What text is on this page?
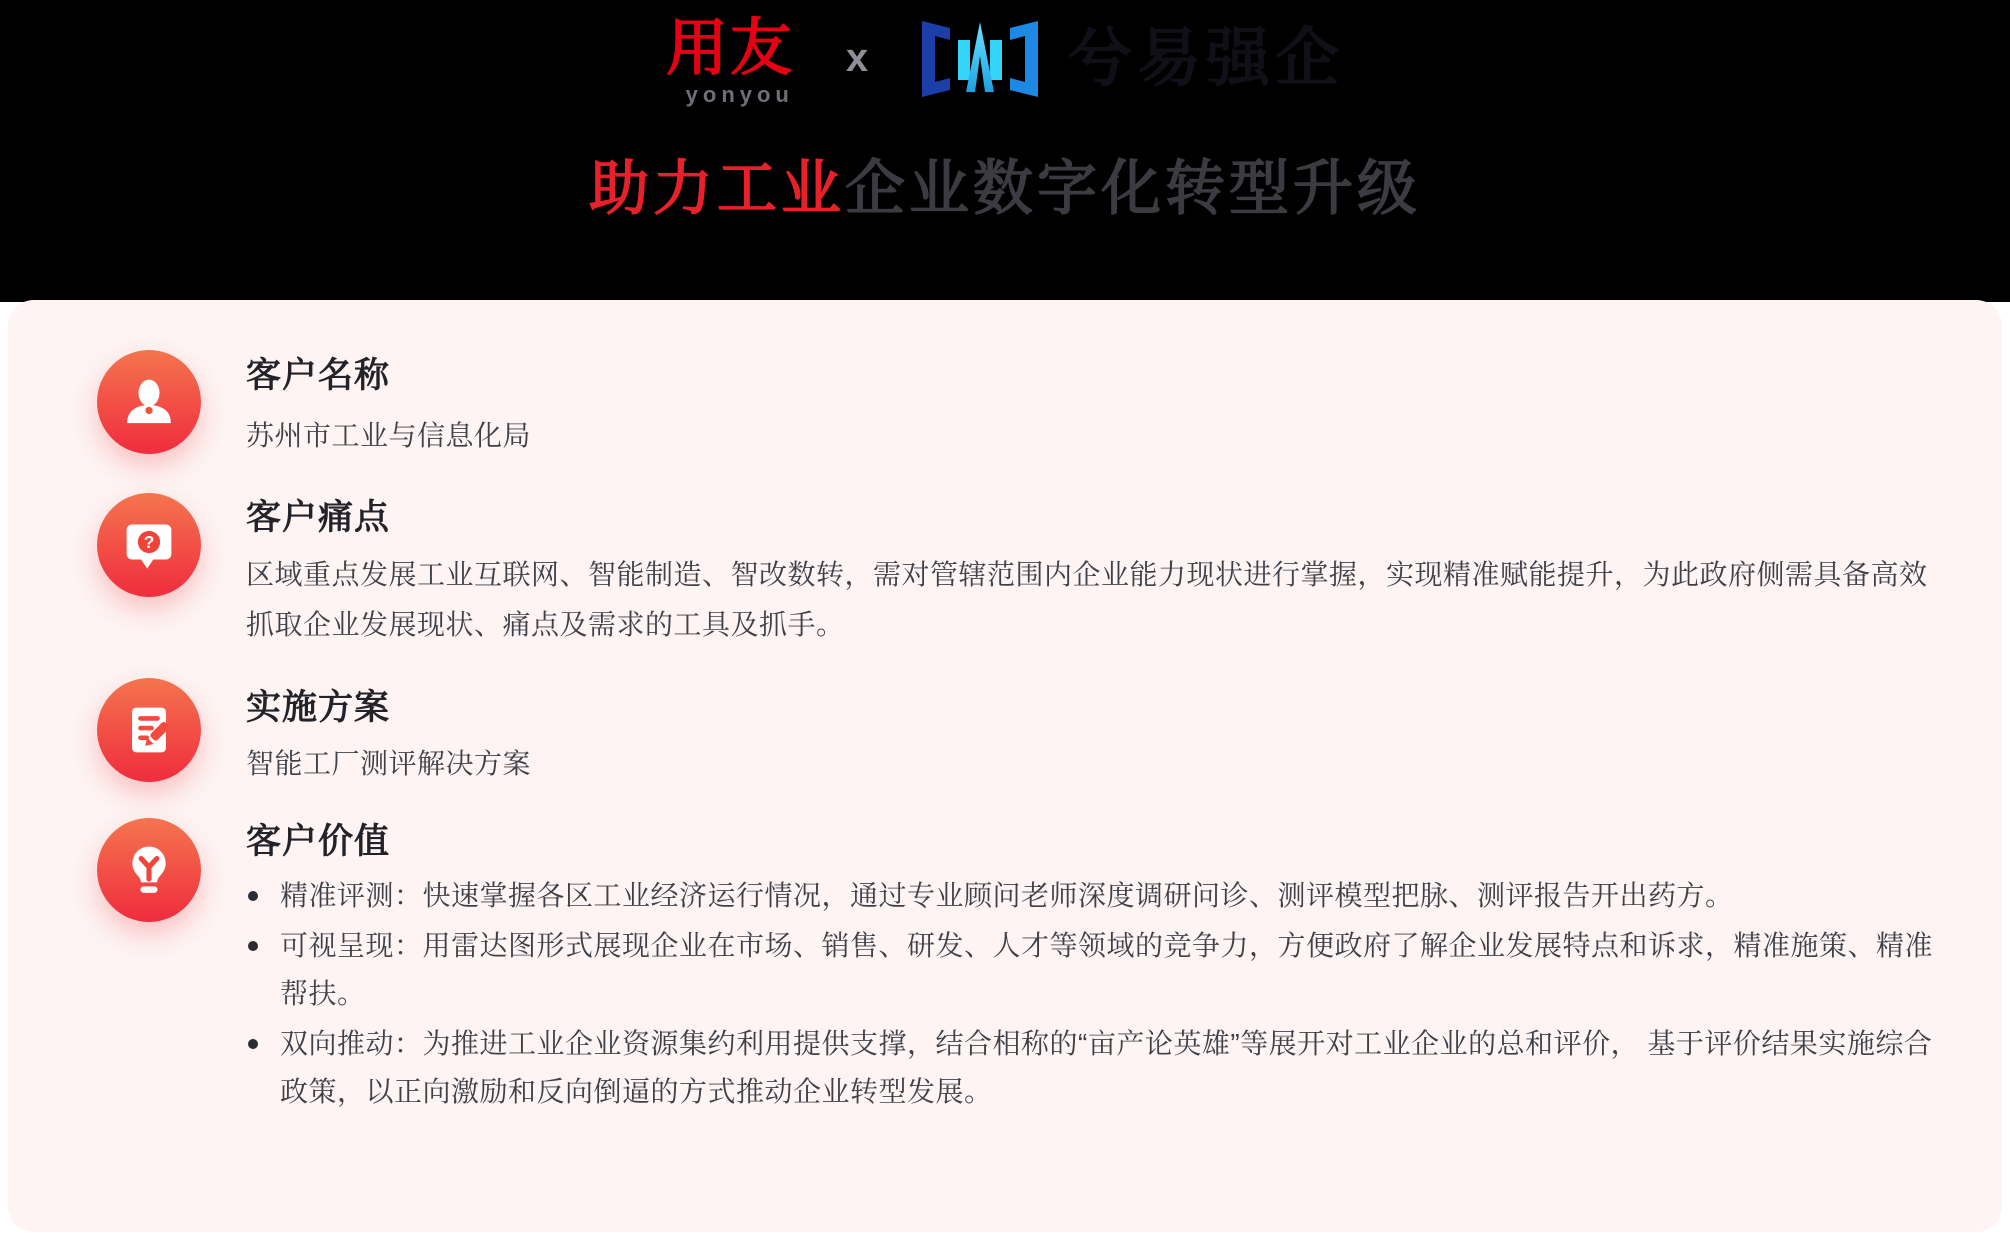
用友
yonyou
x	兮易强企
助力工业企业数字化转型升级
客户名称
苏州市工业与信息化局
?
客户痛点
区域重点发展工业互联网、智能制造、智改数转，需对管辖范围内企业能力现状进行掌握，实现精准赋能提升，为此政府侧需具备高效抓取企业发展现状、痛点及需求的工具及抓手。
实施方案
智能工厂测评解决方案
客户价值
精准评测：快速掌握各区工业经济运行情况，通过专业顾问老师深度调研问诊、测评模型把脉、测评报告开出药方。
可视呈现：用雷达图形式展现企业在市场、销售、研发、人才等领域的竞争力，方便政府了解企业发展特点和诉求，精准施策、精准帮扶。
双向推动：为推进工业企业资源集约利用提供支撑，结合相称的“亩产论英雄”等展开对工业企业的总和评价， 基于评价结果实施综合政策，以正向激励和反向倒逼的方式推动企业转型发展。
